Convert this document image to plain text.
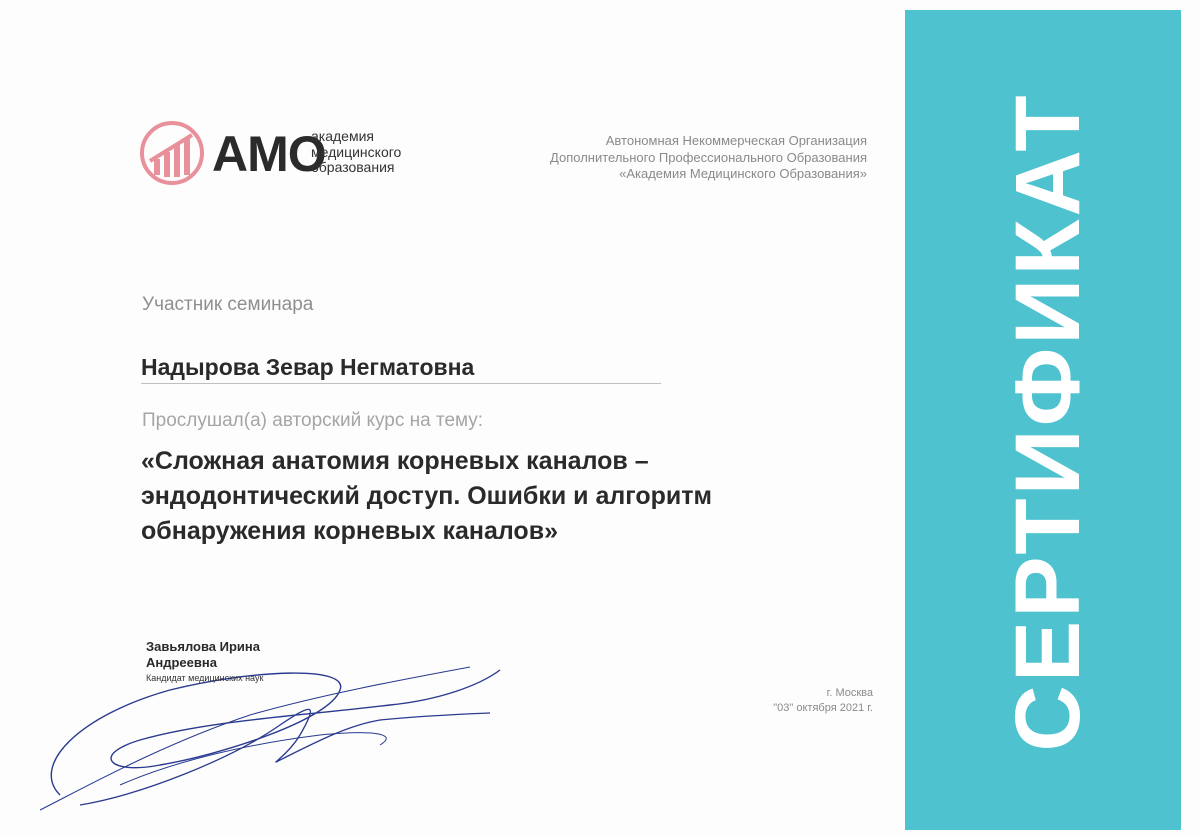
АМО
академия
медицинского
образования
Автономная Некоммерческая Организация
Дополнительного Профессионального Образования
«Академия Медицинского Образования»
Участник семинара
Надырова Зевар Негматовна
Прослушал(а) авторский курс на тему:
«Сложная анатомия корневых каналов –
эндодонтический доступ. Ошибки и алгоритм
обнаружения корневых каналов»
Завьялова Ирина
Андреевна
Кандидат медицинских наук
г. Москва
"03" октября 2021 г. СЕРТИФИКАТ
